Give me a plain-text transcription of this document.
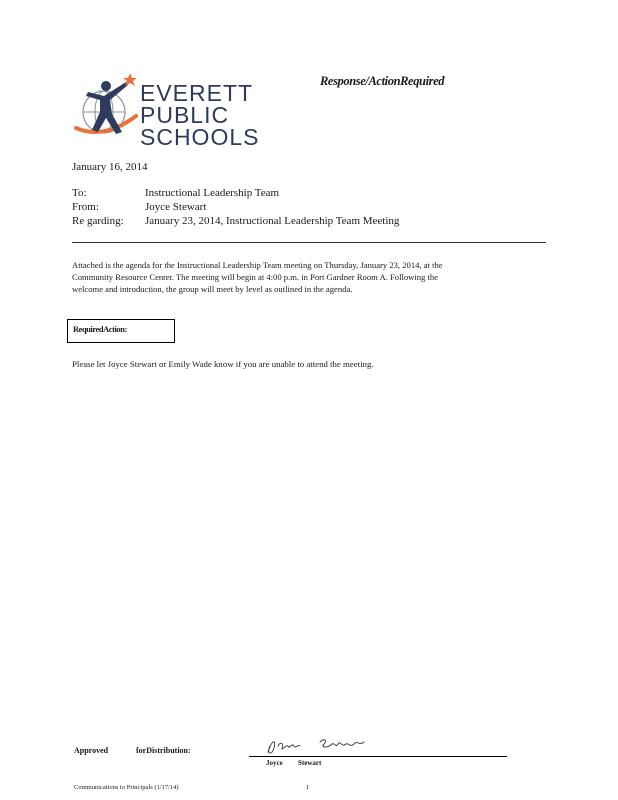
EVERETT
PUBLIC
SCHOOLS
Response/ActionRequired
January 16, 2014
To:	Instructional Leadership Team
From:	Joyce Stewart
Re garding: January 23, 2014, Instructional Leadership Team Meeting
Attached is the agenda for the Instructional Leadership Team meeting on Thursday, January 23, 2014, at the Community Resource Center. The meeting will begin at 4:00 p.m. in Port Gardner Room A. Following the welcome and introduction, the group will meet by level as outlined in the agenda.
RequiredAction:
Please let Joyce Stewart or Emily Wade know if you are unable to attend the meeting.
Approved	forDistribution:
Joyce Stewart
Communications to Principals (1/17/14)	1
